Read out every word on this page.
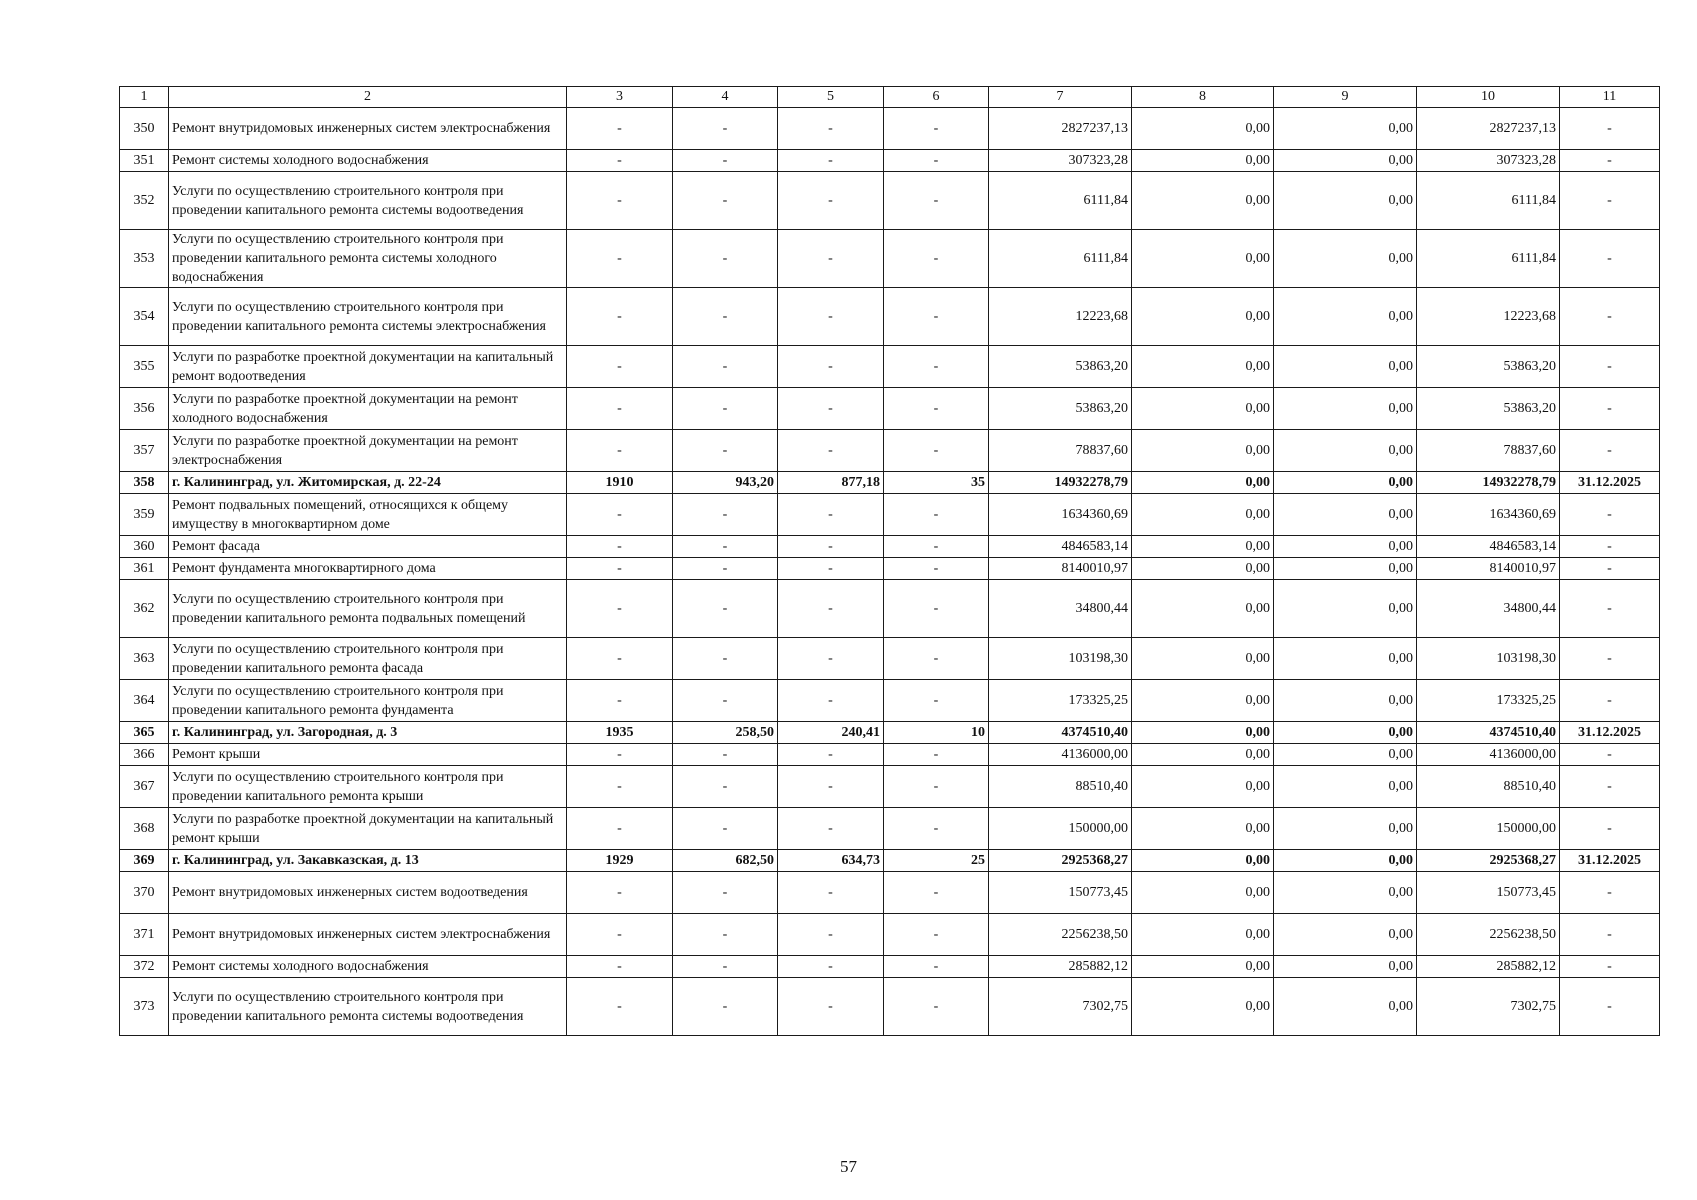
1	2	3	4	5	6	7	8	9	10	11
350	Ремонт внутридомовых инженерных систем электроснабжения	-	-	-	-	2827237,13	0,00	0,00	2827237,13	-
351	Ремонт системы холодного водоснабжения	-	-	-	-	307323,28	0,00	0,00	307323,28	-
352	Услуги по осуществлению строительного контроля при проведении капитального ремонта системы водоотведения	-	-	-	-	6111,84	0,00	0,00	6111,84	-
353	Услуги по осуществлению строительного контроля при проведении капитального ремонта системы холодного водоснабжения	-	-	-	-	6111,84	0,00	0,00	6111,84	-
354	Услуги по осуществлению строительного контроля при проведении капитального ремонта системы электроснабжения	-	-	-	-	12223,68	0,00	0,00	12223,68	-
355	Услуги по разработке проектной документации на капитальный ремонт водоотведения	-	-	-	-	53863,20	0,00	0,00	53863,20	-
356	Услуги по разработке проектной документации на ремонт холодного водоснабжения	-	-	-	-	53863,20	0,00	0,00	53863,20	-
357	Услуги по разработке проектной документации на ремонт электроснабжения	-	-	-	-	78837,60	0,00	0,00	78837,60	-
358	г. Калининград, ул. Житомирская, д. 22-24	1910	943,20	877,18	35	14932278,79	0,00	0,00	14932278,79	31.12.2025
359	Ремонт подвальных помещений, относящихся к общему имуществу в многоквартирном доме	-	-	-	-	1634360,69	0,00	0,00	1634360,69	-
360	Ремонт фасада	-	-	-	-	4846583,14	0,00	0,00	4846583,14	-
361	Ремонт фундамента многоквартирного дома	-	-	-	-	8140010,97	0,00	0,00	8140010,97	-
362	Услуги по осуществлению строительного контроля при проведении капитального ремонта подвальных помещений	-	-	-	-	34800,44	0,00	0,00	34800,44	-
363	Услуги по осуществлению строительного контроля при проведении капитального ремонта фасада	-	-	-	-	103198,30	0,00	0,00	103198,30	-
364	Услуги по осуществлению строительного контроля при проведении капитального ремонта фундамента	-	-	-	-	173325,25	0,00	0,00	173325,25	-
365	г. Калининград, ул. Загородная, д. 3	1935	258,50	240,41	10	4374510,40	0,00	0,00	4374510,40	31.12.2025
366	Ремонт крыши	-	-	-	-	4136000,00	0,00	0,00	4136000,00	-
367	Услуги по осуществлению строительного контроля при проведении капитального ремонта крыши	-	-	-	-	88510,40	0,00	0,00	88510,40	-
368	Услуги по разработке проектной документации на капитальный ремонт крыши	-	-	-	-	150000,00	0,00	0,00	150000,00	-
369	г. Калининград, ул. Закавказская, д. 13	1929	682,50	634,73	25	2925368,27	0,00	0,00	2925368,27	31.12.2025
370	Ремонт внутридомовых инженерных систем водоотведения	-	-	-	-	150773,45	0,00	0,00	150773,45	-
371	Ремонт внутридомовых инженерных систем электроснабжения	-	-	-	-	2256238,50	0,00	0,00	2256238,50	-
372	Ремонт системы холодного водоснабжения	-	-	-	-	285882,12	0,00	0,00	285882,12	-
373	Услуги по осуществлению строительного контроля при проведении капитального ремонта системы водоотведения	-	-	-	-	7302,75	0,00	0,00	7302,75	-
57
